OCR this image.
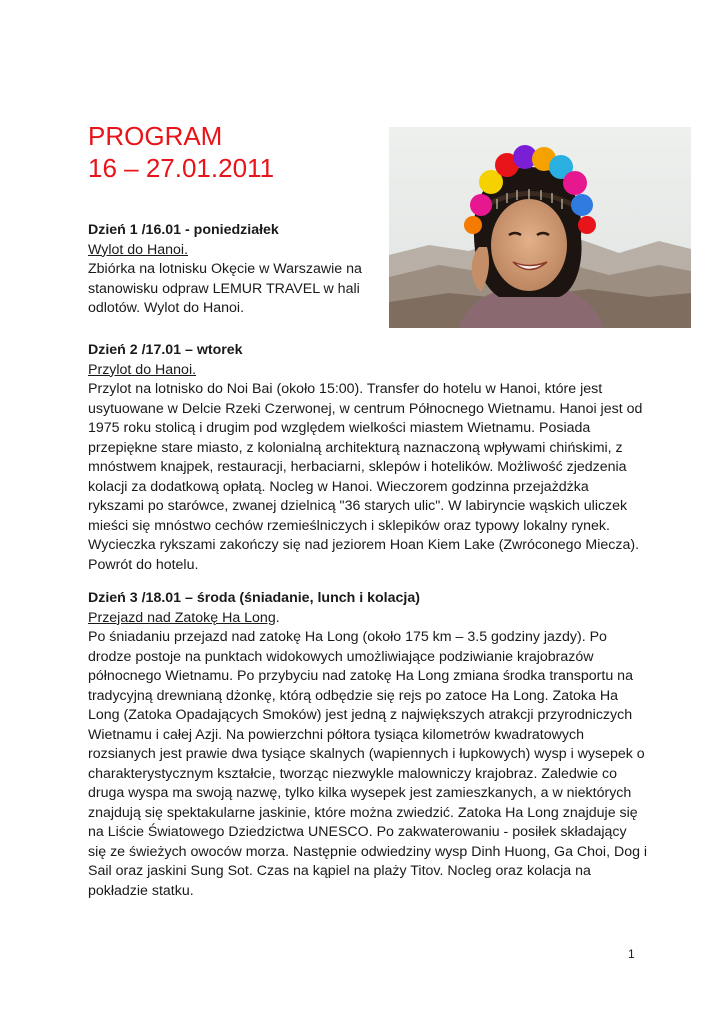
PROGRAM
16 – 27.01.2011
Dzień 1 /16.01 - poniedziałek
Wylot do Hanoi.
Zbiórka na lotnisku Okęcie w Warszawie na stanowisku odpraw LEMUR TRAVEL w hali odlotów. Wylot do Hanoi.
Dzień 2 /17.01 – wtorek
Przylot do Hanoi.
Przylot na lotnisko do Noi Bai (około 15:00). Transfer do hotelu w Hanoi, które jest usytuowane w Delcie Rzeki Czerwonej, w centrum Północnego Wietnamu. Hanoi jest od 1975 roku stolicą i drugim pod względem wielkości miastem Wietnamu. Posiada przepiękne stare miasto, z kolonialną architekturą naznaczoną wpływami chińskimi, z mnóstwem knajpek, restauracji, herbaciarni, sklepów i hotelików. Możliwość zjedzenia kolacji za dodatkową opłatą. Nocleg w Hanoi. Wieczorem godzinna przejażdżka rykszami po starówce, zwanej dzielnicą "36 starych ulic". W labiryncie wąskich uliczek mieści się mnóstwo cechów rzemieślniczych i sklepików oraz typowy lokalny rynek. Wycieczka rykszami zakończy się nad jeziorem Hoan Kiem Lake (Zwróconego Miecza). Powrót do hotelu.
Dzień 3 /18.01 – środa (śniadanie, lunch i kolacja)
Przejazd nad Zatokę Ha Long.
Po śniadaniu przejazd nad zatokę Ha Long (około 175 km – 3.5 godziny jazdy). Po drodze postoje na punktach widokowych umożliwiające podziwianie krajobrazów północnego Wietnamu. Po przybyciu nad zatokę Ha Long zmiana środka transportu na tradycyjną drewnianą dżonkę, którą odbędzie się rejs po zatoce Ha Long. Zatoka Ha Long (Zatoka Opadających Smoków) jest jedną z największych atrakcji przyrodniczych Wietnamu i całej Azji. Na powierzchni półtora tysiąca kilometrów kwadratowych rozsianych jest prawie dwa tysiące skalnych (wapiennych i łupkowych) wysp i wysepek o charakterystycznym kształcie, tworząc niezwykle malowniczy krajobraz. Zaledwie co druga wyspa ma swoją nazwę, tylko kilka wysepek jest zamieszkanych, a w niektórych znajdują się spektakularne jaskinie, które można zwiedzić. Zatoka Ha Long znajduje się na Liście Światowego Dziedzictwa UNESCO. Po zakwaterowaniu - posiłek składający się ze świeżych owoców morza. Następnie odwiedziny wysp Dinh Huong, Ga Choi, Dog i Sail oraz jaskini Sung Sot. Czas na kąpiel na plaży Titov. Nocleg oraz kolacja na pokładzie statku.
1
